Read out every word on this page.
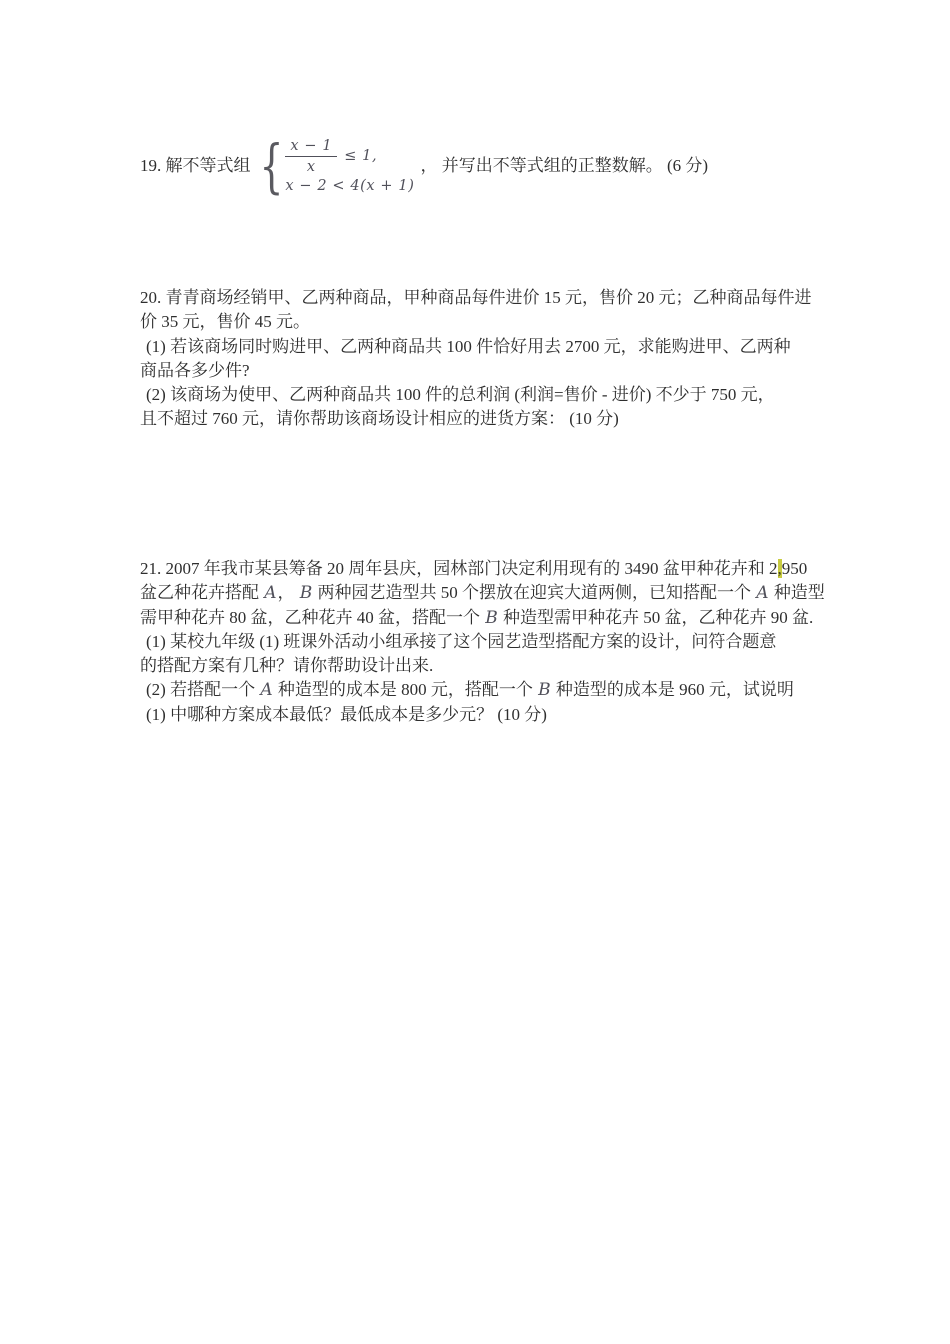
19. 解不等式组 { $\frac{x - 1}{x} \le 1$,
x − 2 < 4(x + 1)
， 并写出不等式组的正整数解。 (6 分)
20. 青青商场经销甲、乙两种商品，甲种商品每件进价 15 元，售价 20 元；乙种商品每件进
价 35 元，售价 45 元。
(1) 若该商场同时购进甲、乙两种商品共 100 件恰好用去 2700 元，求能购进甲、乙两种
商品各多少件?
(2) 该商场为使甲、乙两种商品共 100 件的总利润 (利润=售价 - 进价) 不少于 750 元，
且不超过 760 元，请你帮助该商场设计相应的进货方案： (10 分)
21. 2007 年我市某县筹备 20 周年县庆，园林部门决定利用现有的 3490 盆甲种花卉和 2,950
盆乙种花卉搭配 A， B 两种园艺造型共 50 个摆放在迎宾大道两侧，已知搭配一个 A 种造型
需甲种花卉 80 盆，乙种花卉 40 盆，搭配一个 B 种造型需甲种花卉 50 盆，乙种花卉 90 盆.
(1) 某校九年级 (1) 班课外活动小组承接了这个园艺造型搭配方案的设计，问符合题意
的搭配方案有几种？请你帮助设计出来.
(2) 若搭配一个 A 种造型的成本是 800 元，搭配一个 B 种造型的成本是 960 元，试说明
(1) 中哪种方案成本最低？最低成本是多少元？ (10 分)
